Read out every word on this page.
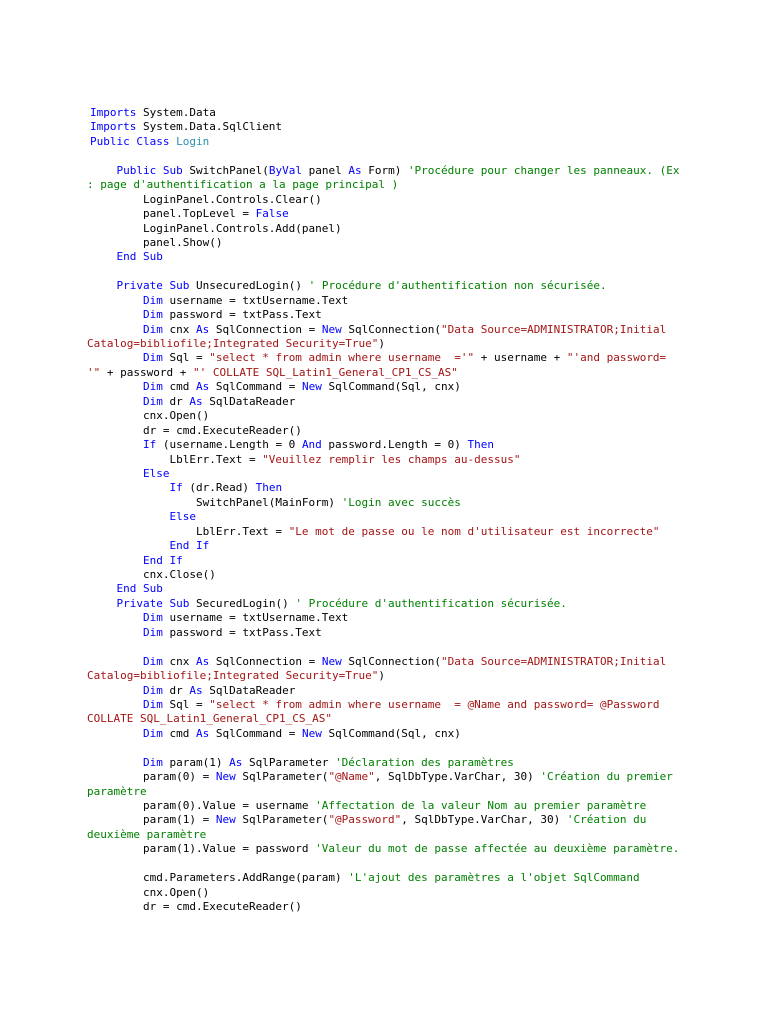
Imports System.Data
Imports System.Data.SqlClient
Public Class Login

Public Sub SwitchPanel(ByVal panel As Form) 'Procédure pour changer les panneaux. (Ex
: page d'authentification a la page principal )
LoginPanel.Controls.Clear()
panel.TopLevel = False
LoginPanel.Controls.Add(panel)
panel.Show()
End Sub

Private Sub UnsecuredLogin() ' Procédure d'authentification non sécurisée.
Dim username = txtUsername.Text
Dim password = txtPass.Text
Dim cnx As SqlConnection = New SqlConnection("Data Source=ADMINISTRATOR;Initial
Catalog=bibliofile;Integrated Security=True")
Dim Sql = "select * from admin where username  ='" + username + "'and password=
'" + password + "' COLLATE SQL_Latin1_General_CP1_CS_AS"
Dim cmd As SqlCommand = New SqlCommand(Sql, cnx)
Dim dr As SqlDataReader
cnx.Open()
dr = cmd.ExecuteReader()
If (username.Length = 0 And password.Length = 0) Then
LblErr.Text = "Veuillez remplir les champs au-dessus"
Else
If (dr.Read) Then
SwitchPanel(MainForm) 'Login avec succès
Else
LblErr.Text = "Le mot de passe ou le nom d'utilisateur est incorrecte"
End If
End If
cnx.Close()
End Sub
Private Sub SecuredLogin() ' Procédure d'authentification sécurisée.
Dim username = txtUsername.Text
Dim password = txtPass.Text

Dim cnx As SqlConnection = New SqlConnection("Data Source=ADMINISTRATOR;Initial
Catalog=bibliofile;Integrated Security=True")
Dim dr As SqlDataReader
Dim Sql = "select * from admin where username  = @Name and password= @Password
COLLATE SQL_Latin1_General_CP1_CS_AS"
Dim cmd As SqlCommand = New SqlCommand(Sql, cnx)

Dim param(1) As SqlParameter 'Déclaration des paramètres
param(0) = New SqlParameter("@Name", SqlDbType.VarChar, 30) 'Création du premier
paramètre
param(0).Value = username 'Affectation de la valeur Nom au premier paramètre
param(1) = New SqlParameter("@Password", SqlDbType.VarChar, 30) 'Création du
deuxième paramètre
param(1).Value = password 'Valeur du mot de passe affectée au deuxième paramètre.

cmd.Parameters.AddRange(param) 'L'ajout des paramètres a l'objet SqlCommand
cnx.Open()
dr = cmd.ExecuteReader()
